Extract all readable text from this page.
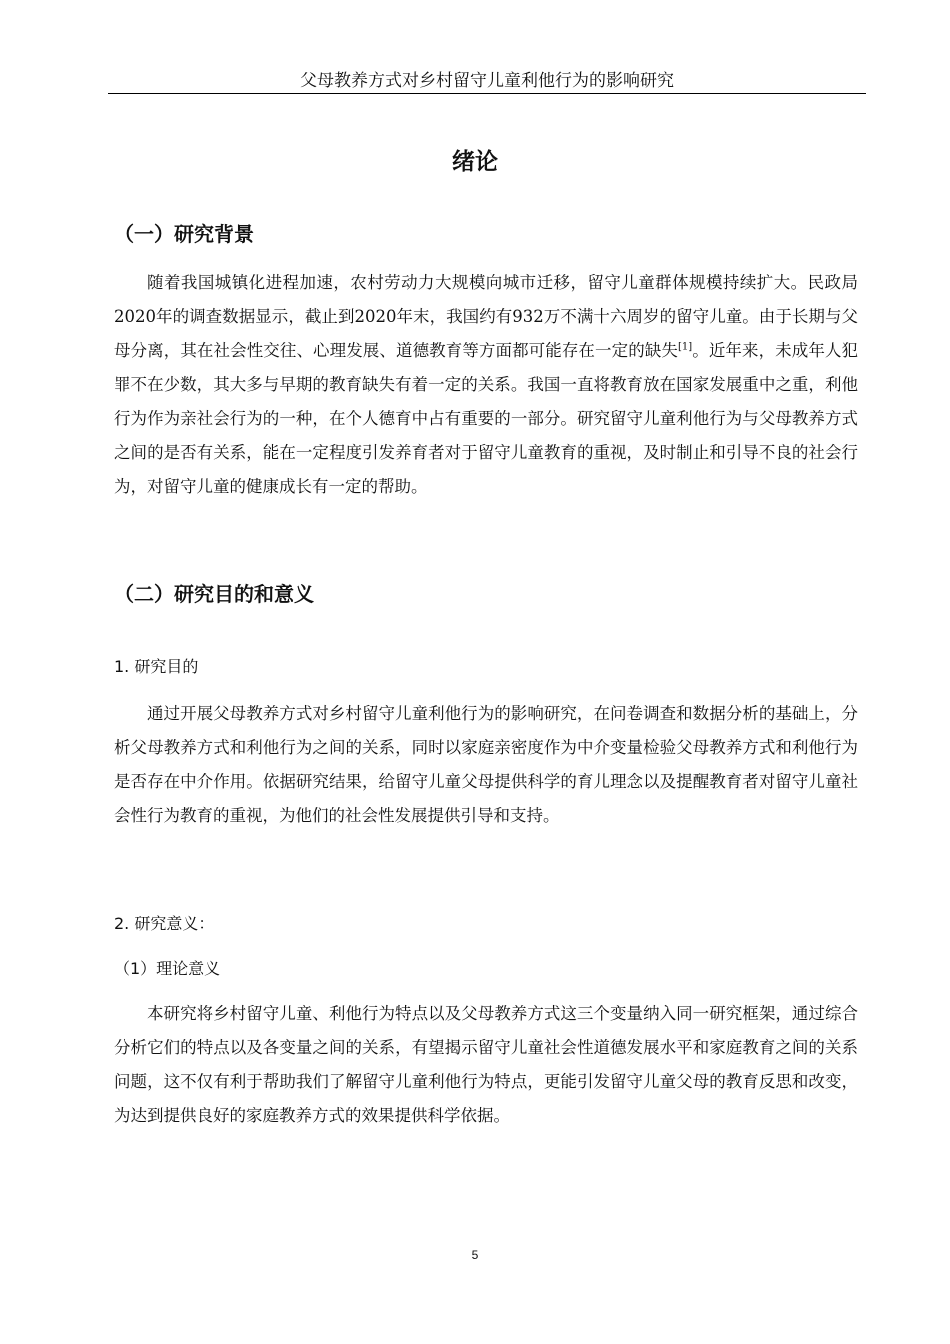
父母教养方式对乡村留守儿童利他行为的影响研究
绪论
（一）研究背景

随着我国城镇化进程加速，农村劳动力大规模向城市迁移，留守儿童群体规模持续扩大。民政局2020年的调查数据显示，截止到2020年末，我国约有932万不满十六周岁的留守儿童。由于长期与父母分离，其在社会性交往、心理发展、道德教育等方面都可能存在一定的缺失[1]。近年来，未成年人犯罪不在少数，其大多与早期的教育缺失有着一定的关系。我国一直将教育放在国家发展重中之重，利他行为作为亲社会行为的一种，在个人德育中占有重要的一部分。研究留守儿童利他行为与父母教养方式之间的是否有关系，能在一定程度引发养育者对于留守儿童教育的重视，及时制止和引导不良的社会行为，对留守儿童的健康成长有一定的帮助。

（二）研究目的和意义
1. 研究目的

通过开展父母教养方式对乡村留守儿童利他行为的影响研究，在问卷调查和数据分析的基础上，分析父母教养方式和利他行为之间的关系，同时以家庭亲密度作为中介变量检验父母教养方式和利他行为是否存在中介作用。依据研究结果，给留守儿童父母提供科学的育儿理念以及提醒教育者对留守儿童社会性行为教育的重视，为他们的社会性发展提供引导和支持。

2. 研究意义：
（1）理论意义

本研究将乡村留守儿童、利他行为特点以及父母教养方式这三个变量纳入同一研究框架，通过综合分析它们的特点以及各变量之间的关系，有望揭示留守儿童社会性道德发展水平和家庭教育之间的关系问题，这不仅有利于帮助我们了解留守儿童利他行为特点，更能引发留守儿童父母的教育反思和改变，为达到提供良好的家庭教养方式的效果提供科学依据。

5
